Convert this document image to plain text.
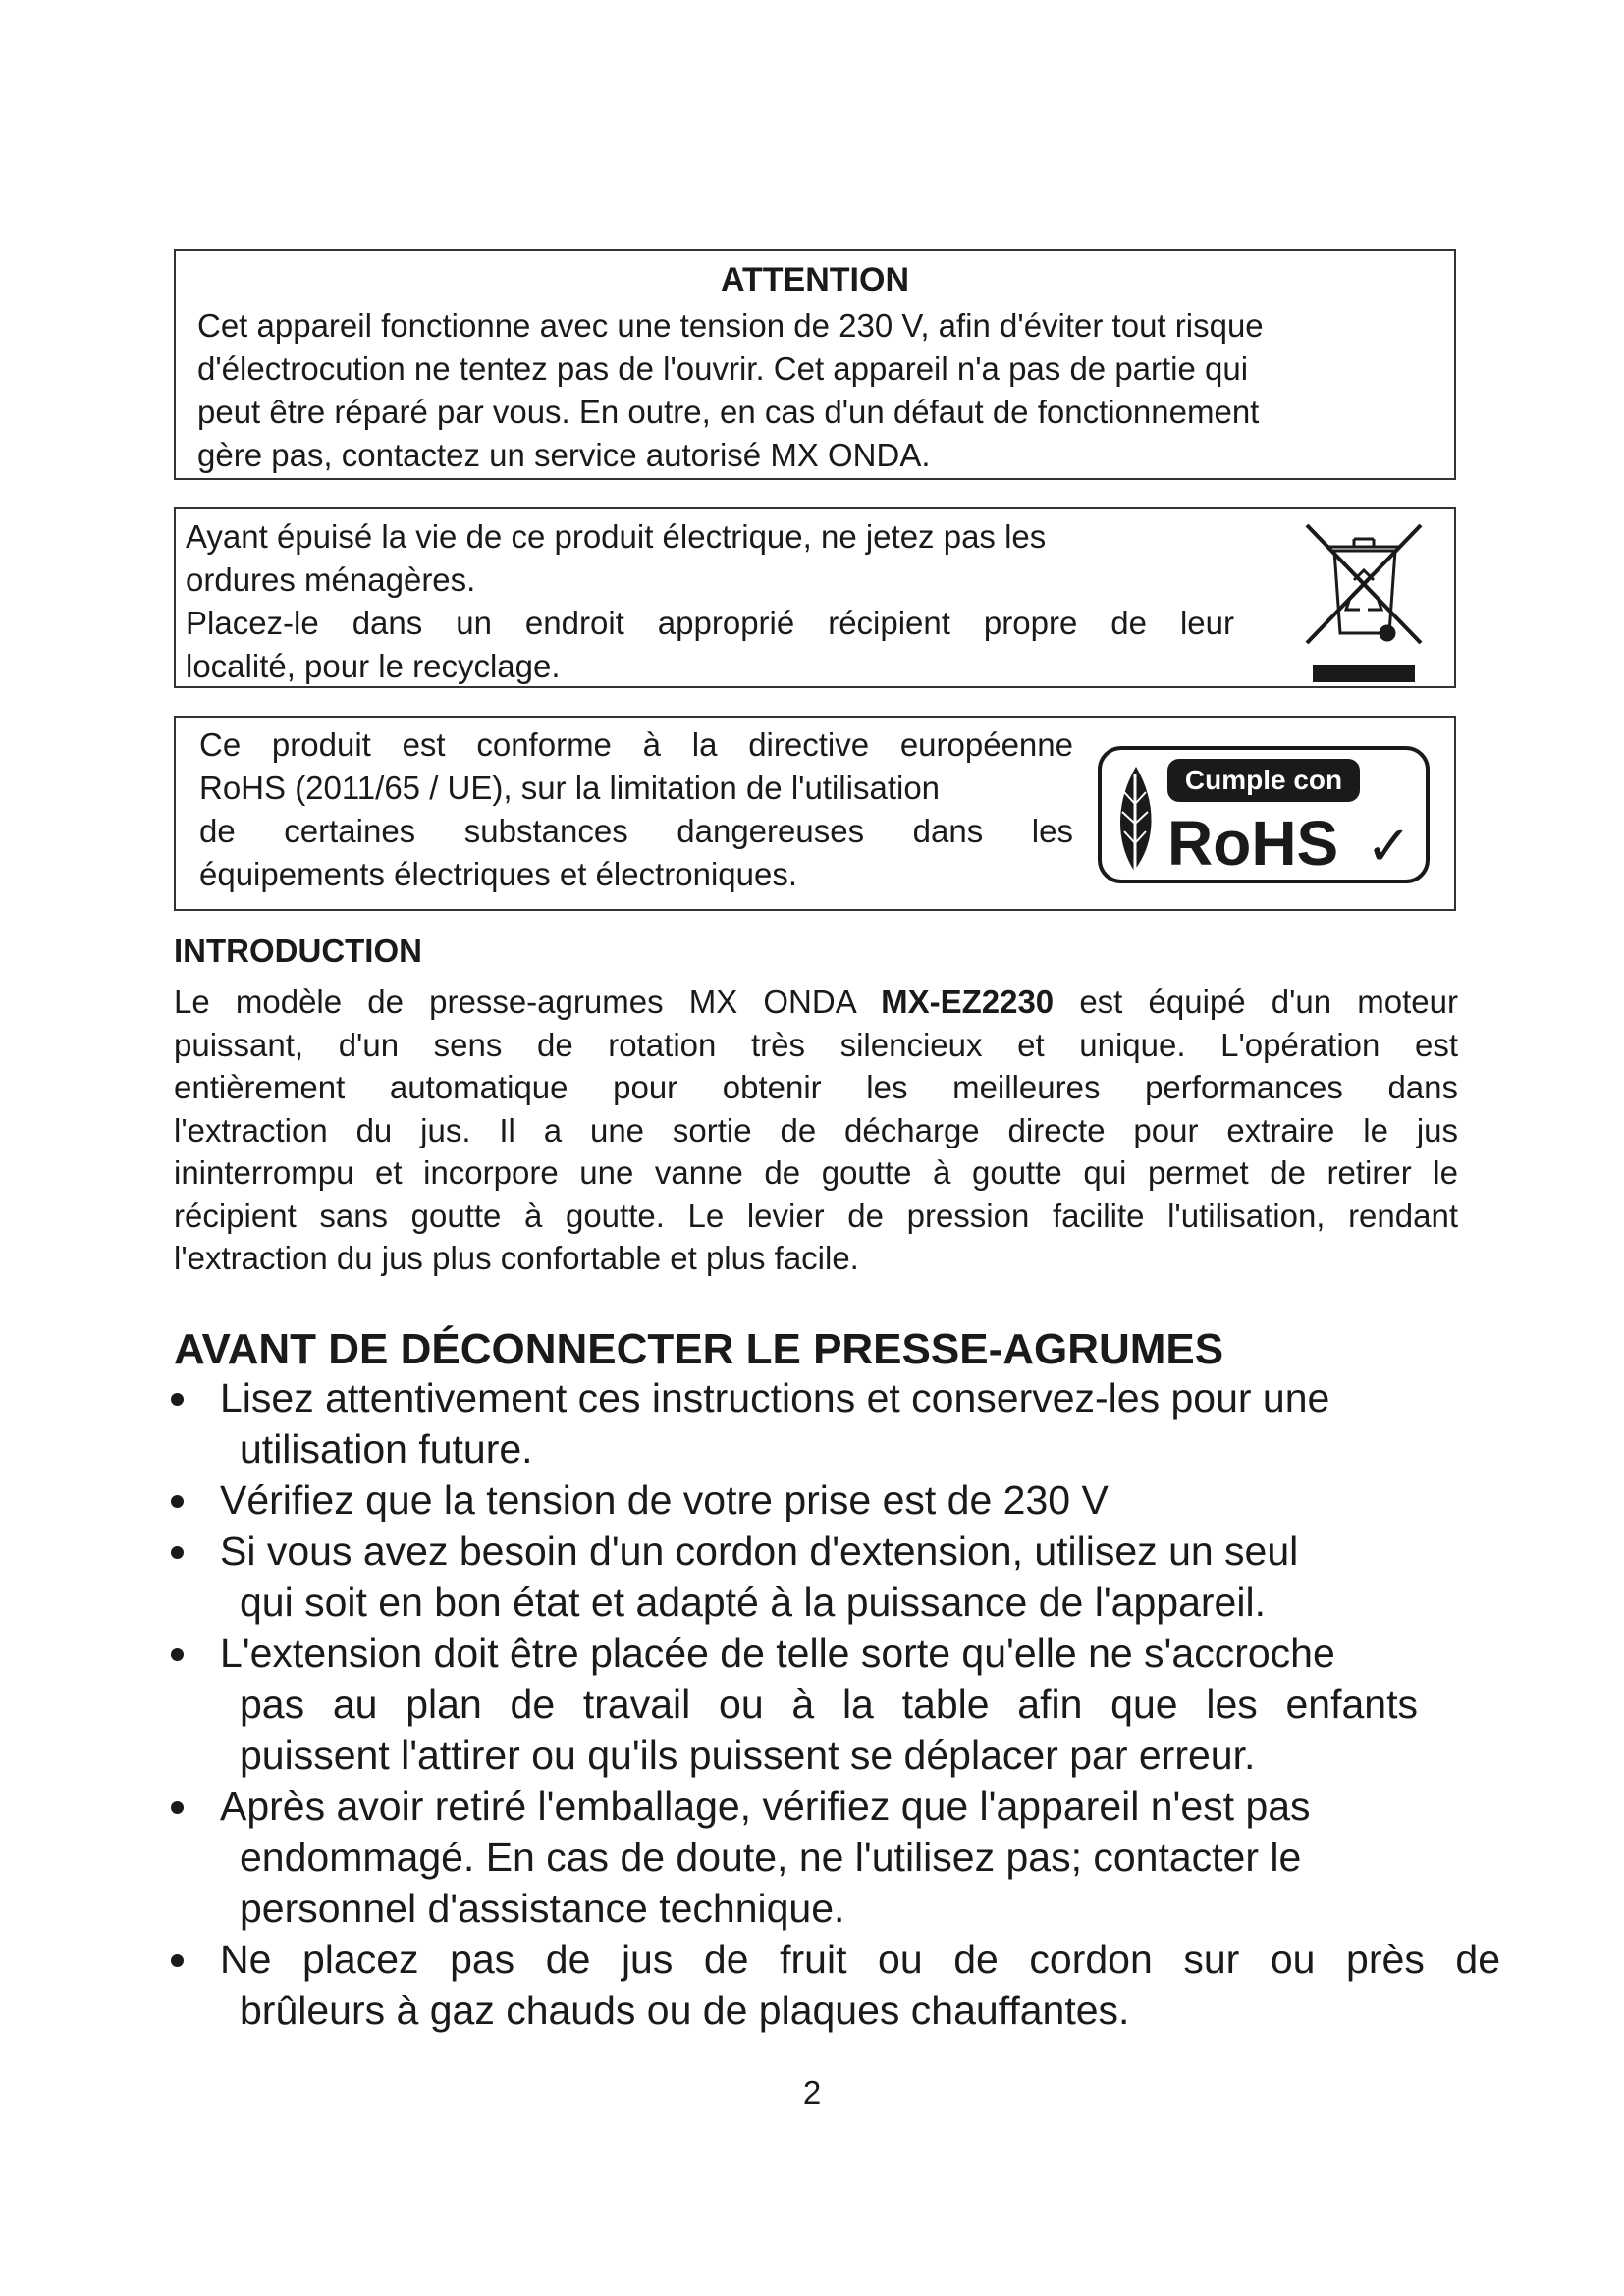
ATTENTION
Cet appareil fonctionne avec une tension de 230 V, afin d'éviter tout risque
d'électrocution ne tentez pas de l'ouvrir. Cet appareil n'a pas de partie qui
peut être réparé par vous. En outre, en cas d'un défaut de fonctionnement
gère pas, contactez un service autorisé MX ONDA.
Ayant épuisé la vie de ce produit électrique, ne jetez pas les
ordures ménagères.
Placez-le dans un endroit approprié récipient propre de leur
localité, pour le recyclage.
Ce produit est conforme à la directive européenne
RoHS (2011/65 / UE), sur la limitation de l'utilisation
de certaines substances dangereuses dans les
équipements électriques et électroniques.
Cumple con
RoHS ✓
INTRODUCTION
Le modèle de presse-agrumes MX ONDA MX-EZ2230 est équipé d'un moteur
puissant, d'un sens de rotation très silencieux et unique. L'opération est
entièrement automatique pour obtenir les meilleures performances dans
l'extraction du jus. Il a une sortie de décharge directe pour extraire le jus
ininterrompu et incorpore une vanne de goutte à goutte qui permet de retirer le
récipient sans goutte à goutte. Le levier de pression facilite l'utilisation, rendant
l'extraction du jus plus confortable et plus facile.
AVANT DE DÉCONNECTER LE PRESSE-AGRUMES
Lisez attentivement ces instructions et conservez-les pour une
utilisation future.
Vérifiez que la tension de votre prise est de 230 V
Si vous avez besoin d'un cordon d'extension, utilisez un seul
qui soit en bon état et adapté à la puissance de l'appareil.
L'extension doit être placée de telle sorte qu'elle ne s'accroche
pas au plan de travail ou à la table afin que les enfants
puissent l'attirer ou qu'ils puissent se déplacer par erreur.
Après avoir retiré l'emballage, vérifiez que l'appareil n'est pas
endommagé. En cas de doute, ne l'utilisez pas; contacter le
personnel d'assistance technique.
Ne placez pas de jus de fruit ou de cordon sur ou près de
brûleurs à gaz chauds ou de plaques chauffantes.
2
